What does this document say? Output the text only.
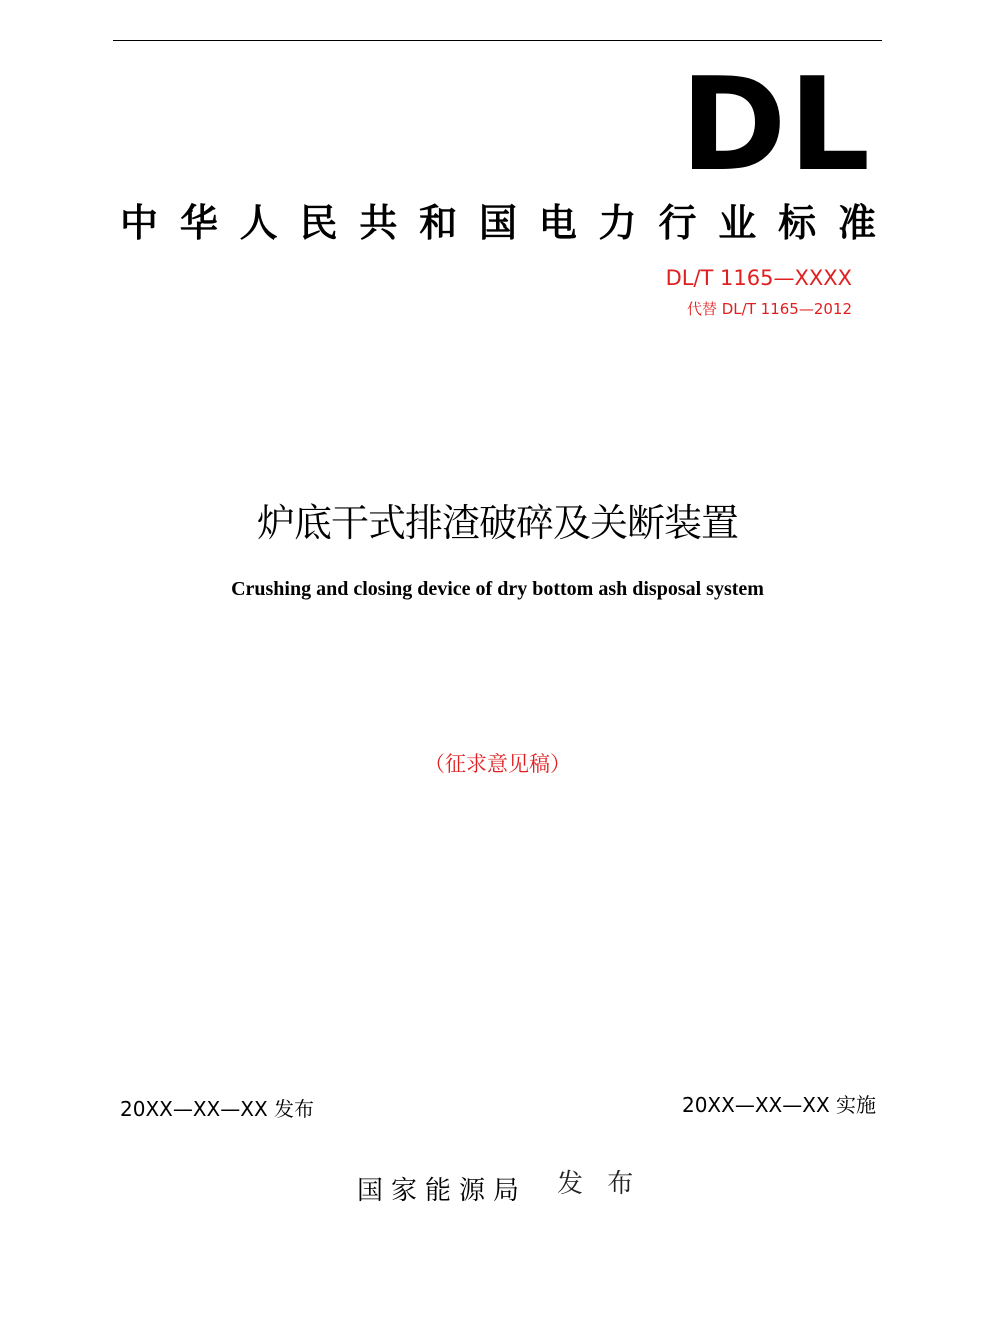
DL
中 华 人 民 共 和 国 电 力 行 业 标 准
DL/T 1165—XXXX
代替 DL/T 1165—2012
炉底干式排渣破碎及关断装置
Crushing and closing device of dry bottom ash disposal system
（征求意见稿）
20XX—XX—XX 发布	20XX—XX—XX 实施
国家能源局 发 布
